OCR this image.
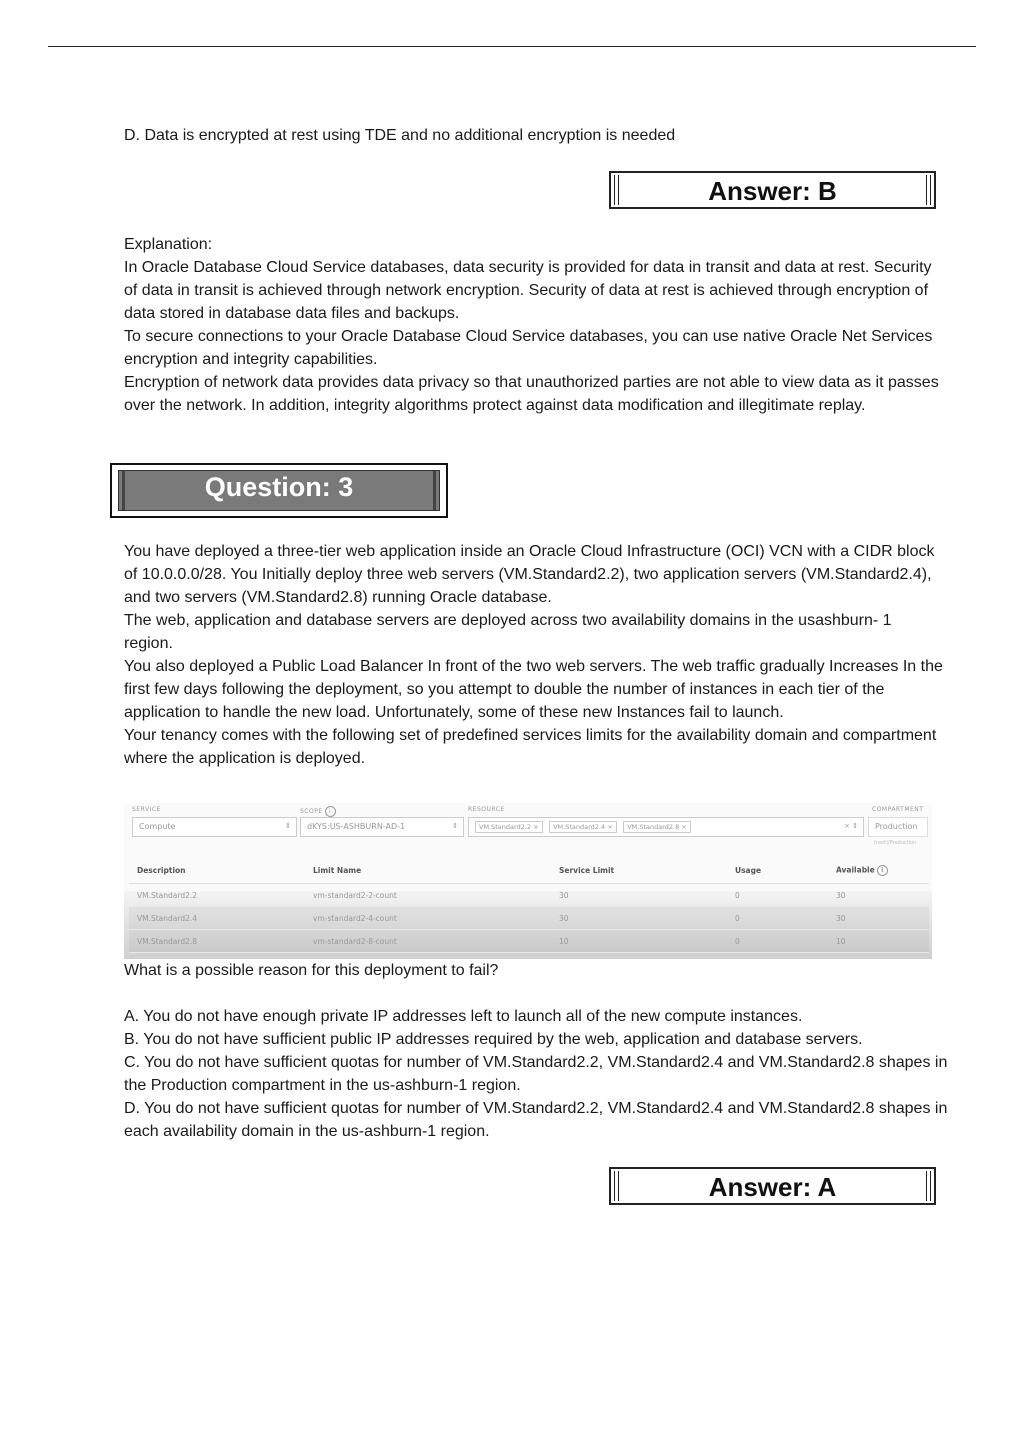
D. Data is encrypted at rest using TDE and no additional encryption is needed

Answer: B

Explanation:

In Oracle Database Cloud Service databases, data security is provided for data in transit and data at rest. Security of data in transit is achieved through network encryption. Security of data at rest is achieved through encryption of data stored in database data files and backups.

To secure connections to your Oracle Database Cloud Service databases, you can use native Oracle Net Services encryption and integrity capabilities.

Encryption of network data provides data privacy so that unauthorized parties are not able to view data as it passes over the network. In addition, integrity algorithms protect against data modification and illegitimate replay.

Question: 3

You have deployed a three-tier web application inside an Oracle Cloud Infrastructure (OCI) VCN with a CIDR block of 10.0.0.0/28. You Initially deploy three web servers (VM.Standard2.2), two application servers (VM.Standard2.4), and two servers (VM.Standard2.8) running Oracle database.

The web, application and database servers are deployed across two availability domains in the usashburn- 1 region.

You also deployed a Public Load Balancer In front of the two web servers. The web traffic gradually Increases In the first few days following the deployment, so you attempt to double the number of instances in each tier of the application to handle the new load. Unfortunately, some of these new Instances fail to launch.

Your tenancy comes with the following set of predefined services limits for the availability domain and compartment where the application is deployed.

SERVICE
Compute	⇕
SCOPE i
dKYS:US-ASHBURN-AD-1	⇕
RESOURCE
VM.Standard2.2 × VM.Standard2.4 × VM.Standard2.8 ×	× ⇕
COMPARTMENT
Production
(root)/Production
Description	Limit Name	Service Limit	Usage	Available i
VM.Standard2.2	vm-standard2-2-count	30	0	30
VM.Standard2.4	vm-standard2-4-count	30	0	30
VM.Standard2.8	vm-standard2-8-count	10	0	10

What is a possible reason for this deployment to fail?

A. You do not have enough private IP addresses left to launch all of the new compute instances.

B. You do not have sufficient public IP addresses required by the web, application and database servers.

C. You do not have sufficient quotas for number of VM.Standard2.2, VM.Standard2.4 and VM.Standard2.8 shapes in the Production compartment in the us-ashburn-1 region.

D. You do not have sufficient quotas for number of VM.Standard2.2, VM.Standard2.4 and VM.Standard2.8 shapes in each availability domain in the us-ashburn-1 region.

Answer: A
